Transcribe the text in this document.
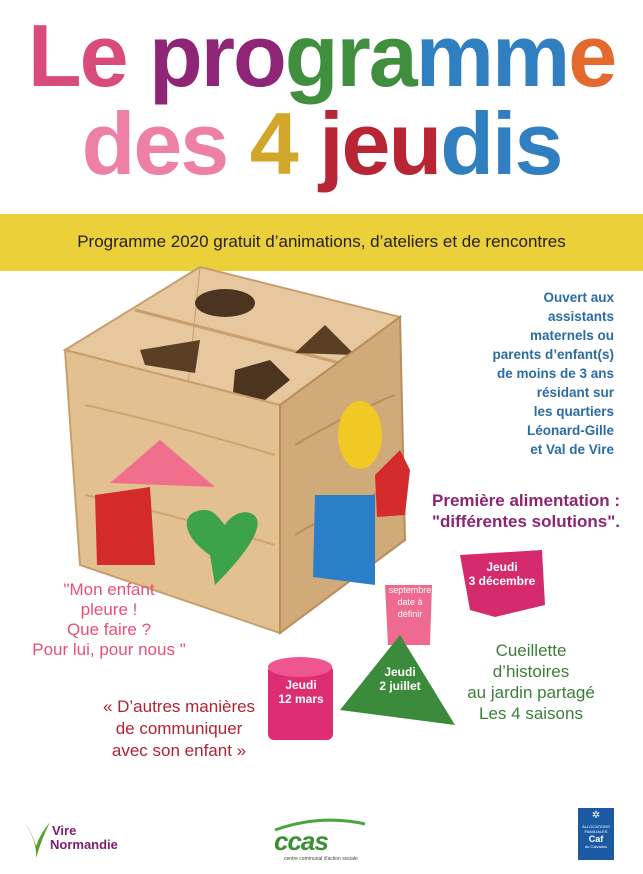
Le programme
des 4 jeudis
Programme 2020 gratuit d’animations, d’ateliers et de rencontres
Ouvert aux
assistants
maternels ou
parents d’enfant(s)
de moins de 3 ans
résidant sur
les quartiers
Léonard-Gille
et Val de Vire
Première alimentation :
"différentes solutions".
Jeudi
3 décembre
septembre
date à
définir
Jeudi
2 juillet
Jeudi
12 mars
"Mon enfant
pleure !
Que faire ?
Pour lui, pour nous "	Cueillette
d’histoires
au jardin partagé
Les 4 saisons
« D’autres manières
de communiquer
avec son enfant »
Vire
Normandie	ccas
centre communal d'action sociale
✲
ALLOCATIONS
FAMILIALES
Caf
du Calvados
